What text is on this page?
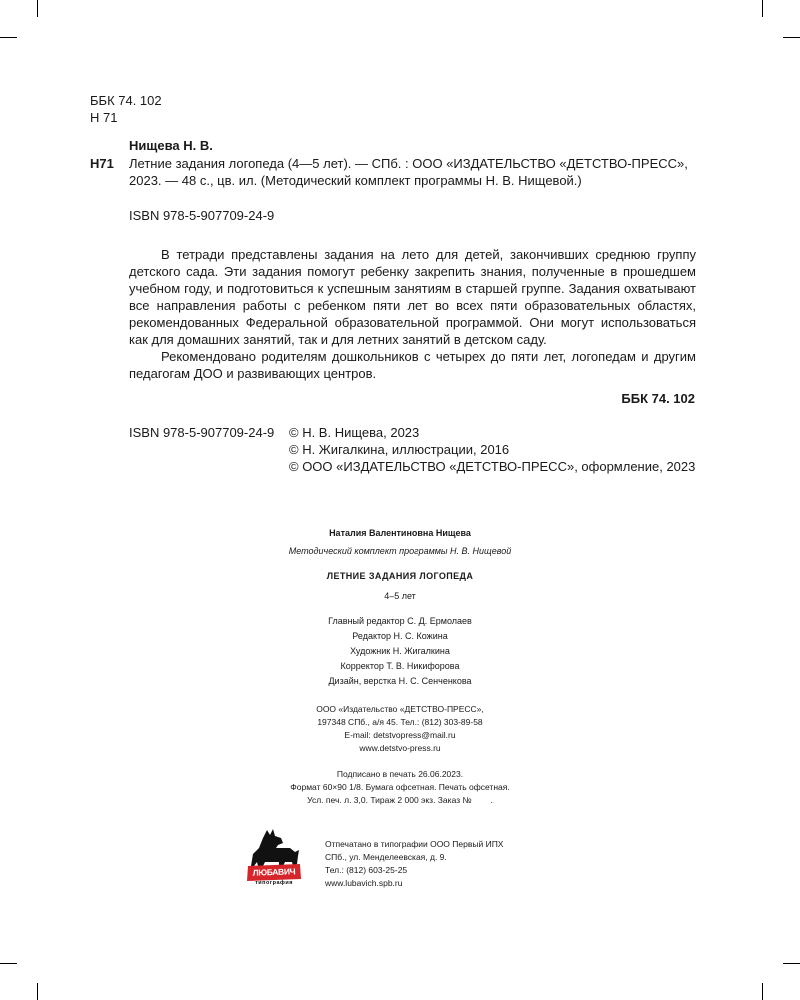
ББК 74. 102
Н 71
Нищева Н. В.
Н71 Летние задания логопеда (4—5 лет). — СПб. : ООО «ИЗДАТЕЛЬСТВО «ДЕТСТВО-ПРЕСС»,
2023. — 48 с., цв. ил. (Методический комплект программы Н. В. Нищевой.)
ISBN 978-5-907709-24-9

В тетради представлены задания на лето для детей, закончивших среднюю группу детского сада. Эти задания помогут ребенку закрепить знания, полученные в прошедшем учебном году, и подготовиться к успешным занятиям в старшей группе. Задания охватывают все направления работы с ребенком пяти лет во всех пяти образовательных областях, рекомендованных Федеральной образовательной программой. Они могут использоваться как для домашних занятий, так и для летних занятий в детском саду.

Рекомендовано родителям дошкольников с четырех до пяти лет, логопедам и другим педагогам ДОО и развивающих центров.

ББК 74. 102
ISBN 978-5-907709-24-9 © Н. В. Нищева, 2023
© Н. Жигалкина, иллюстрации, 2016
© ООО «ИЗДАТЕЛЬСТВО «ДЕТСТВО-ПРЕСС», оформление, 2023
Наталия Валентиновна Нищева
Методический комплект программы Н. В. Нищевой
ЛЕТНИЕ ЗАДАНИЯ ЛОГОПЕДА
4–5 лет
Главный редактор С. Д. Ермолаев
Редактор Н. С. Кожина
Художник Н. Жигалкина
Корректор Т. В. Никифорова
Дизайн, верстка Н. С. Сенченкова
ООО «Издательство «ДЕТСТВО-ПРЕСС»,
197348 СПб., а/я 45. Тел.: (812) 303-89-58
E-mail: detstvopress@mail.ru
www.detstvo-press.ru
Подписано в печать 26.06.2023.
Формат 60×90 1/8. Бумага офсетная. Печать офсетная.
Усл. печ. л. 3,0. Тираж 2 000 экз. Заказ №        .
ЛЮБАВИЧ
типография
Отпечатано в типографии ООО Первый ИПХ
СПб., ул. Менделеевская, д. 9.
Тел.: (812) 603-25-25
www.lubavich.spb.ru
